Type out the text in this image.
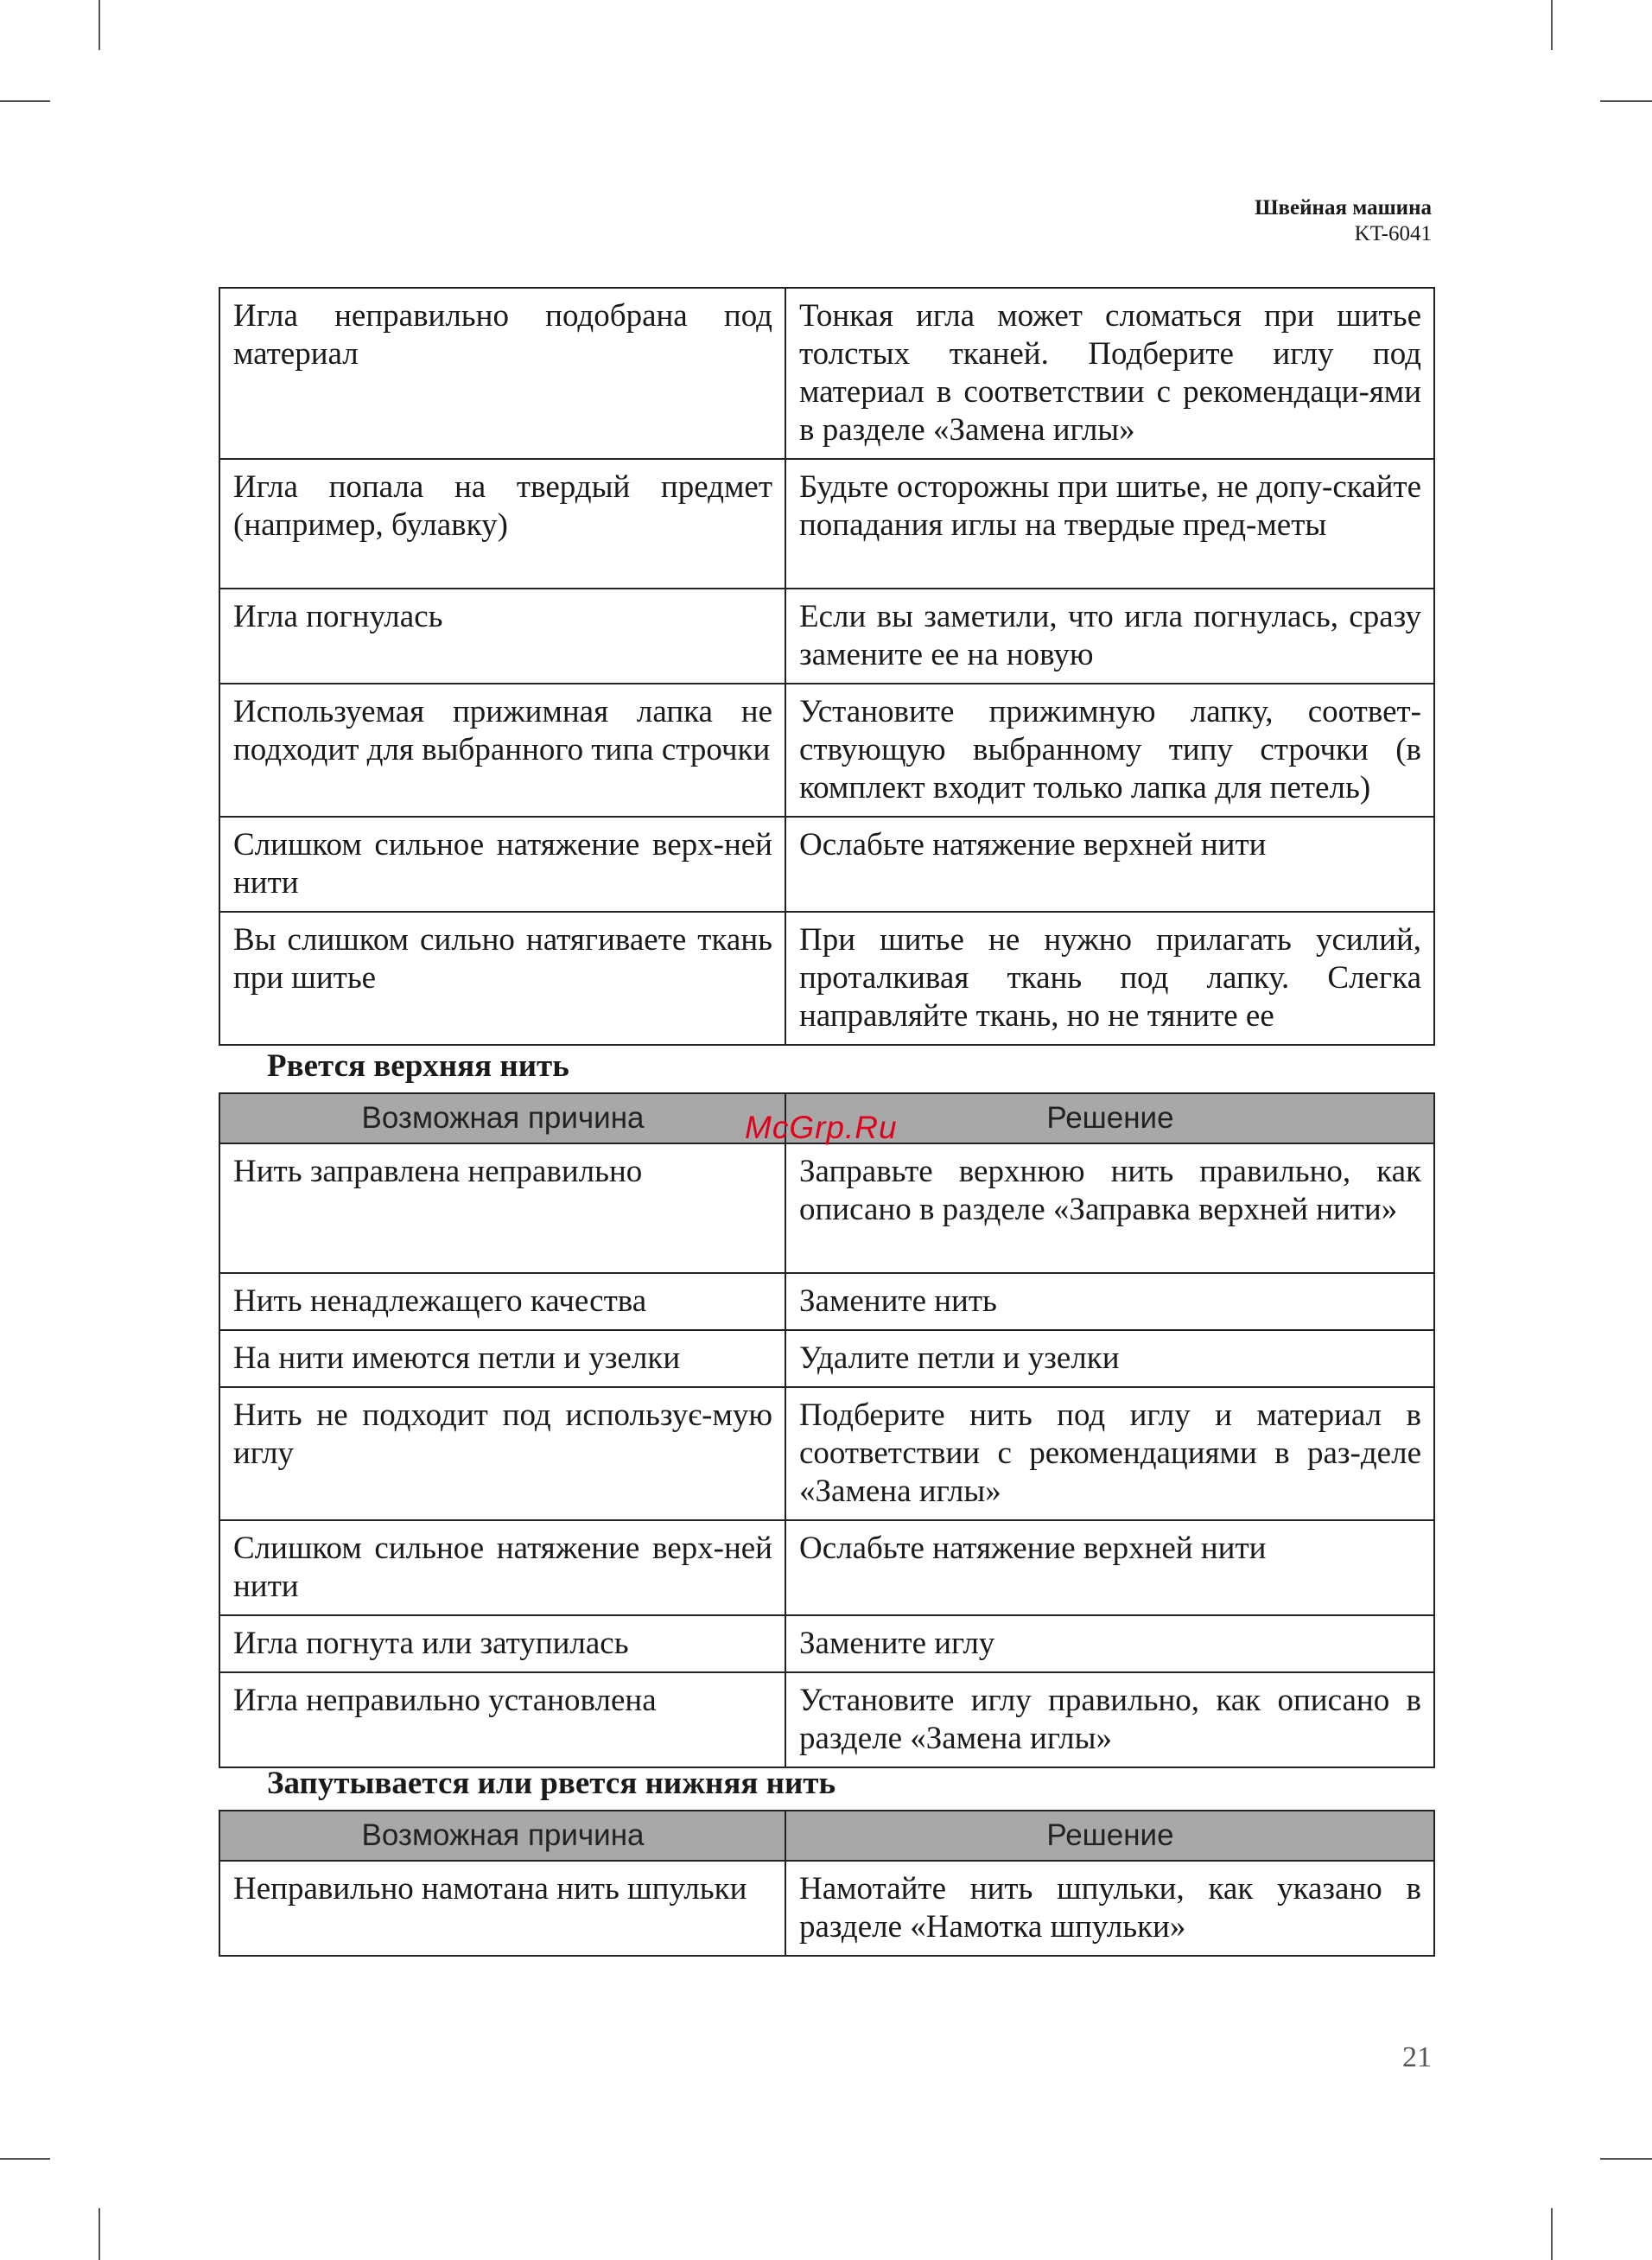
Швейная машина
KT-6041
Игла неправильно подобрана под материал	Тонкая игла может сломаться при шитье толстых тканей. Подберите иглу под материал в соответствии с рекомендаци-ями в разделе «Замена иглы»
Игла попала на твердый предмет (например, булавку)	Будьте осторожны при шитье, не допу-скайте попадания иглы на твердые пред-меты
Игла погнулась	Если вы заметили, что игла погнулась, сразу замените ее на новую
Используемая прижимная лапка не подходит для выбранного типа строчки	Установите прижимную лапку, соответ-ствующую выбранному типу строчки (в комплект входит только лапка для петель)
Слишком сильное натяжение верх-ней нити	Ослабьте натяжение верхней нити
Вы слишком сильно натягиваете ткань при шитье	При шитье не нужно прилагать усилий, проталкивая ткань под лапку. Слегка направляйте ткань, но не тяните ее
Рвется верхняя нить
Возможная причина	Решение
Нить заправлена неправильно	Заправьте верхнюю нить правильно, как описано в разделе «Заправка верхней нити»
Нить ненадлежащего качества	Замените нить
На нити имеются петли и узелки	Удалите петли и узелки
Нить не подходит под использує-мую иглу	Подберите нить под иглу и материал в соответствии с рекомендациями в раз-деле «Замена иглы»
Слишком сильное натяжение верх-ней нити	Ослабьте натяжение верхней нити
Игла погнута или затупилась	Замените иглу
Игла неправильно установлена	Установите иглу правильно, как описано в разделе «Замена иглы»
McGrp.Ru
Запутывается или рвется нижняя нить
Возможная причина	Решение
Неправильно намотана нить шпульки	Намотайте нить шпульки, как указано в разделе «Намотка шпульки»
21
